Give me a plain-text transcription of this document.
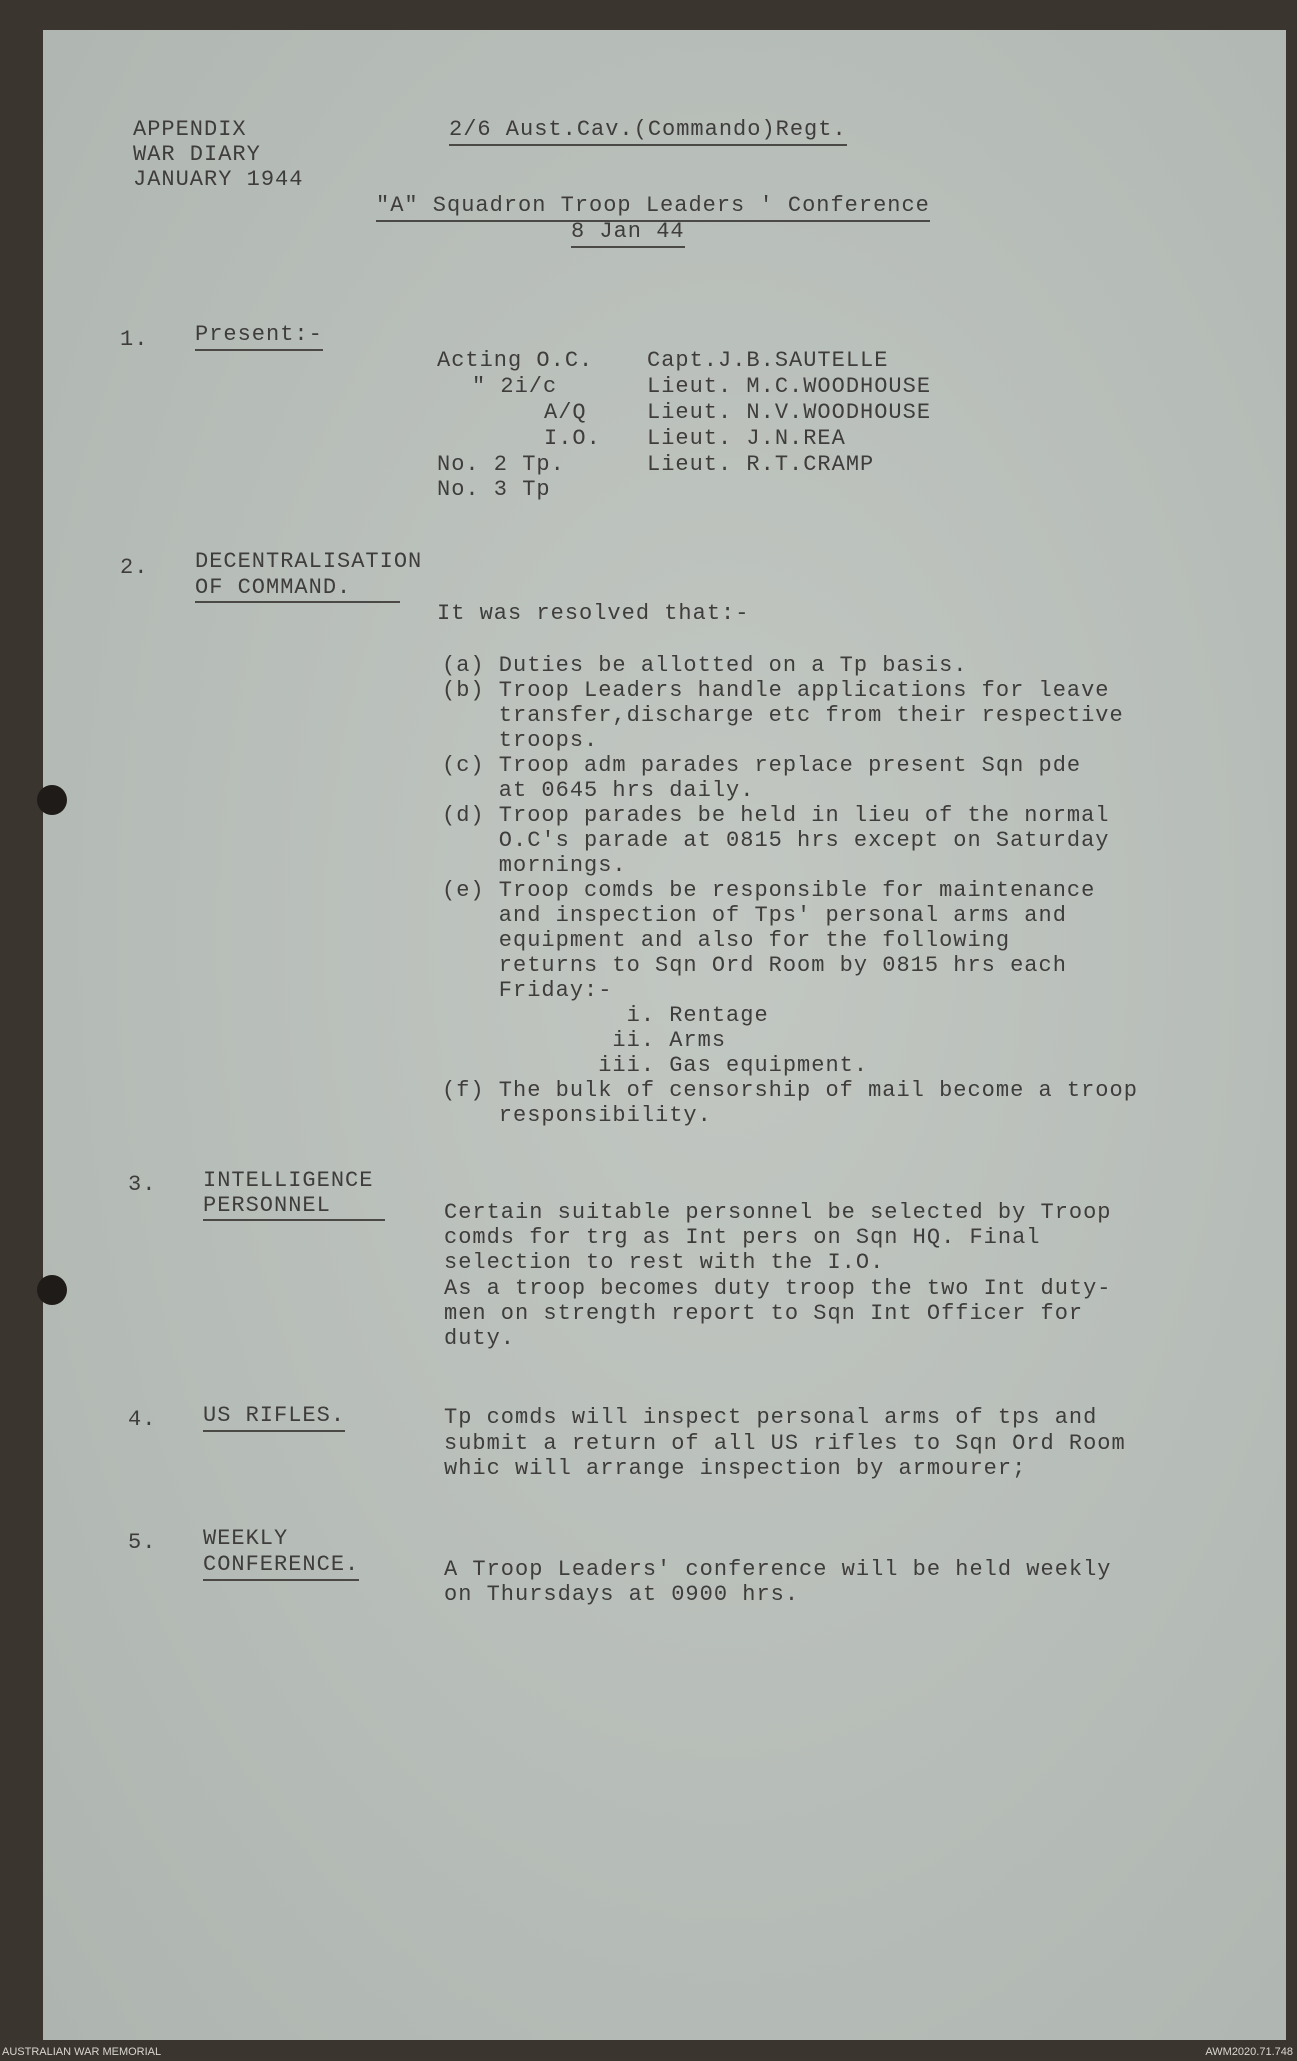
APPENDIX
WAR DIARY
JANUARY 1944
2/6 Aust.Cav.(Commando)Regt.
"A" Squadron Troop Leaders ' Conference
8 Jan 44
1. Present:-
Acting O.C. Capt.J.B.SAUTELLE
" 2i/c	Lieut. M.C.WOODHOUSE
A/Q	Lieut. N.V.WOODHOUSE
I.O. Lieut. J.N.REA
No. 2 Tp.	Lieut. R.T.CRAMP
No. 3 Tp
2. DECENTRALISATION
OF COMMAND.
It was resolved that:-
(a) Duties be allotted on a Tp basis.
(b) Troop Leaders handle applications for leave
transfer,discharge etc from their respective
troops.
(c) Troop adm parades replace present Sqn pde
at 0645 hrs daily.
(d) Troop parades be held in lieu of the normal
O.C's parade at 0815 hrs except on Saturday
mornings.
(e) Troop comds be responsible for maintenance
and inspection of Tps' personal arms and
equipment and also for the following
returns to Sqn Ord Room by 0815 hrs each
Friday:-
i. Rentage
ii. Arms
iii. Gas equipment.
(f) The bulk of censorship of mail become a troop
responsibility.
3. INTELLIGENCE
PERSONNEL	Certain suitable personnel be selected by Troop
comds for trg as Int pers on Sqn HQ. Final
selection to rest with the I.O.
As a troop becomes duty troop the two Int duty-
men on strength report to Sqn Int Officer for
duty.
4. US RIFLES.	Tp comds will inspect personal arms of tps and
submit a return of all US rifles to Sqn Ord Room
whic will arrange inspection by armourer;
5. WEEKLY
CONFERENCE.	A Troop Leaders' conference will be held weekly
on Thursdays at 0900 hrs.
AUSTRALIAN WAR MEMORIAL	AWM2020.71.748
